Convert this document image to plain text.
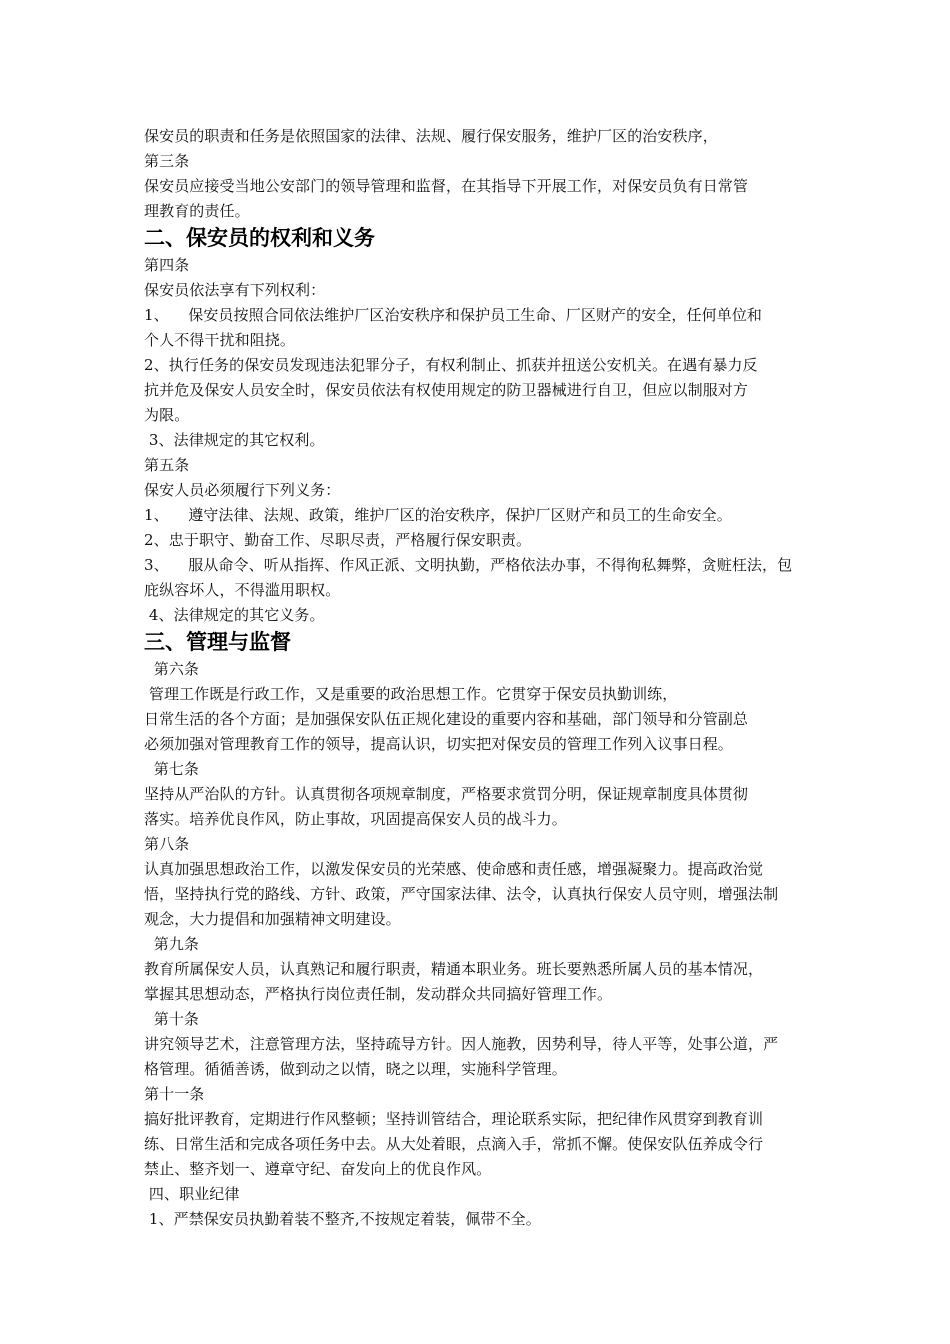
保安员的职责和任务是依照国家的法律、法规、履行保安服务，维护厂区的治安秩序，
第三条
保安员应接受当地公安部门的领导管理和监督，在其指导下开展工作，对保安员负有日常管
理教育的责任。
二、保安员的权利和义务
第四条
保安员依法享有下列权利：
1、    保安员按照合同依法维护厂区治安秩序和保护员工生命、厂区财产的安全，任何单位和
个人不得干扰和阻挠。
2、执行任务的保安员发现违法犯罪分子，有权利制止、抓获并扭送公安机关。在遇有暴力反
抗并危及保安人员安全时，保安员依法有权使用规定的防卫器械进行自卫，但应以制服对方
为限。
3、法律规定的其它权利。
第五条
保安人员必须履行下列义务：
1、    遵守法律、法规、政策，维护厂区的治安秩序，保护厂区财产和员工的生命安全。
2、忠于职守、勤奋工作、尽职尽责，严格履行保安职责。
3、    服从命令、听从指挥、作风正派、文明执勤，严格依法办事，不得徇私舞弊，贪赃枉法，包
庇纵容坏人，不得滥用职权。
4、法律规定的其它义务。
三、管理与监督
第六条
管理工作既是行政工作，又是重要的政治思想工作。它贯穿于保安员执勤训练，
日常生活的各个方面；是加强保安队伍正规化建设的重要内容和基础，部门领导和分管副总
必须加强对管理教育工作的领导，提高认识，切实把对保安员的管理工作列入议事日程。
第七条
坚持从严治队的方针。认真贯彻各项规章制度，严格要求赏罚分明，保证规章制度具体贯彻
落实。培养优良作风，防止事故，巩固提高保安人员的战斗力。
第八条
认真加强思想政治工作，以激发保安员的光荣感、使命感和责任感，增强凝聚力。提高政治觉
悟，坚持执行党的路线、方针、政策，严守国家法律、法令，认真执行保安人员守则，增强法制
观念，大力提倡和加强精神文明建设。
第九条
教育所属保安人员，认真熟记和履行职责，精通本职业务。班长要熟悉所属人员的基本情况，
掌握其思想动态，严格执行岗位责任制，发动群众共同搞好管理工作。
第十条
讲究领导艺术，注意管理方法，坚持疏导方针。因人施教，因势利导，待人平等，处事公道，严
格管理。循循善诱，做到动之以情，晓之以理，实施科学管理。
第十一条
搞好批评教育，定期进行作风整顿；坚持训管结合，理论联系实际，把纪律作风贯穿到教育训
练、日常生活和完成各项任务中去。从大处着眼，点滴入手，常抓不懈。使保安队伍养成令行
禁止、整齐划一、遵章守纪、奋发向上的优良作风。
四、职业纪律
1、严禁保安员执勤着装不整齐,不按规定着装，佩带不全。
